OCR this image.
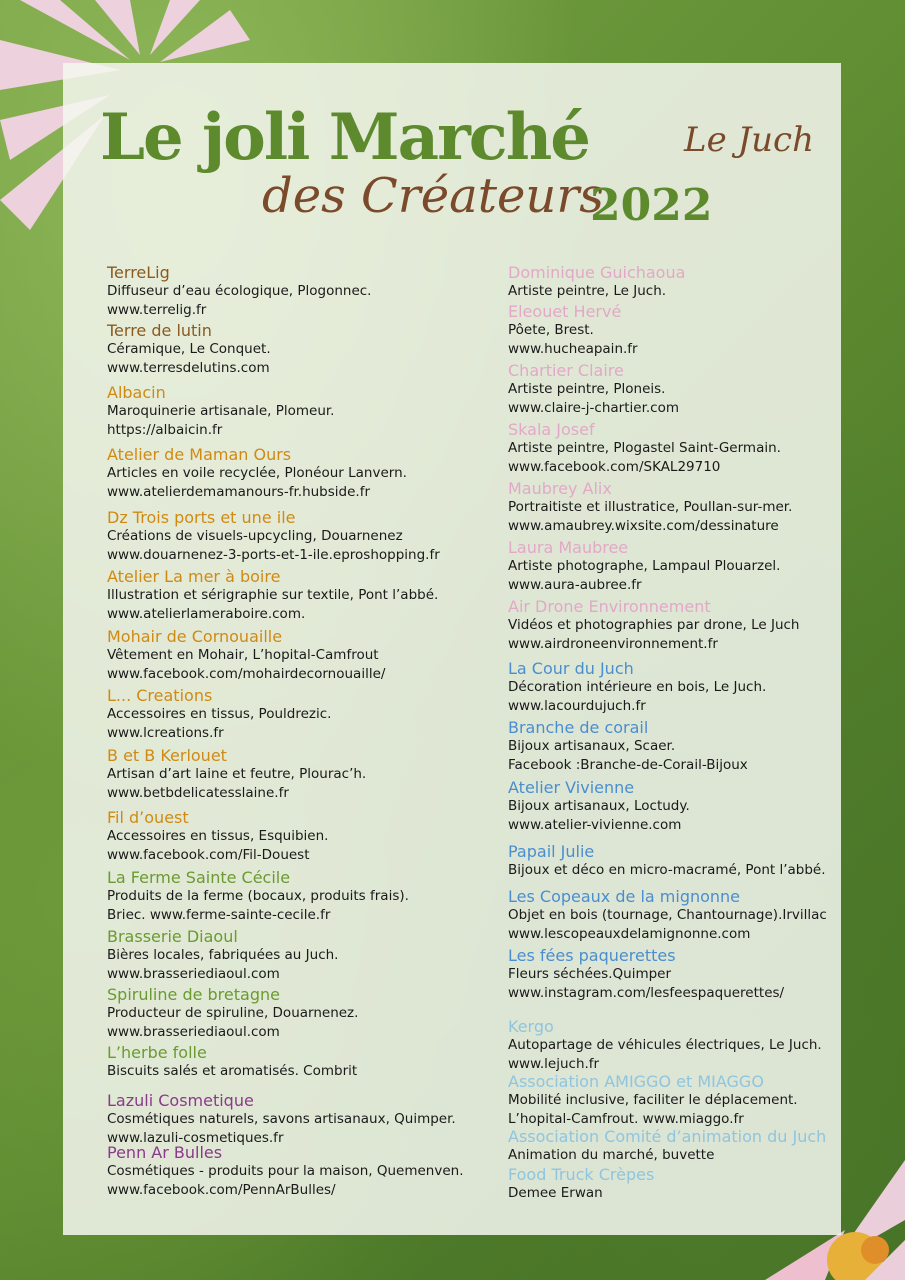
Le joli Marché	Le Juch
des Créateurs
2022
TerreLig
Diffuseur d’eau écologique, Plogonnec.
www.terrelig.fr
Terre de lutin
Céramique, Le Conquet.
www.terresdelutins.com
Albacin
Maroquinerie artisanale, Plomeur.
https://albaicin.fr
Atelier de Maman Ours
Articles en voile recyclée, Plonéour Lanvern.
www.atelierdemamanours-fr.hubside.fr
Dz Trois ports et une ile
Créations de visuels-upcycling, Douarnenez
www.douarnenez-3-ports-et-1-ile.eproshopping.fr
Atelier La mer à boire
Illustration et sérigraphie sur textile, Pont l’abbé.
www.atelierlameraboire.com.
Mohair de Cornouaille
Vêtement en Mohair, L’hopital-Camfrout
www.facebook.com/mohairdecornouaille/
L... Creations
Accessoires en tissus, Pouldrezic.
www.lcreations.fr
B et B Kerlouet
Artisan d’art laine et feutre, Plourac’h.
www.betbdelicatesslaine.fr
Fil d’ouest
Accessoires en tissus, Esquibien.
www.facebook.com/Fil-Douest
La Ferme Sainte Cécile
Produits de la ferme (bocaux, produits frais).
Briec. www.ferme-sainte-cecile.fr
Brasserie Diaoul
Bières locales, fabriquées au Juch.
www.brasseriediaoul.com
Spiruline de bretagne
Producteur de spiruline, Douarnenez.
www.brasseriediaoul.com
L’herbe folle
Biscuits salés et aromatisés. Combrit
Lazuli Cosmetique
Cosmétiques naturels, savons artisanaux, Quimper.
www.lazuli-cosmetiques.fr
Penn Ar Bulles
Cosmétiques - produits pour la maison, Quemenven.
www.facebook.com/PennArBulles/
Dominique Guichaoua
Artiste peintre, Le Juch.
Eleouet Hervé
Pôete, Brest.
www.hucheapain.fr
Chartier Claire
Artiste peintre, Ploneis.
www.claire-j-chartier.com
Skala Josef
Artiste peintre, Plogastel Saint-Germain.
www.facebook.com/SKAL29710
Maubrey Alix
Portraitiste et illustratice, Poullan-sur-mer.
www.amaubrey.wixsite.com/dessinature
Laura Maubree
Artiste photographe, Lampaul Plouarzel.
www.aura-aubree.fr
Air Drone Environnement
Vidéos et photographies par drone, Le Juch
www.airdroneenvironnement.fr
La Cour du Juch
Décoration intérieure en bois, Le Juch.
www.lacourdujuch.fr
Branche de corail
Bijoux artisanaux, Scaer.
Facebook :Branche-de-Corail-Bijoux
Atelier Vivienne
Bijoux artisanaux, Loctudy.
www.atelier-vivienne.com
Papail Julie
Bijoux et déco en micro-macramé, Pont l’abbé.
Les Copeaux de la mignonne
Objet en bois (tournage, Chantournage).Irvillac
www.lescopeauxdelamignonne.com
Les fées paquerettes
Fleurs séchées.Quimper
www.instagram.com/lesfeespaquerettes/
Kergo
Autopartage de véhicules électriques, Le Juch.
www.lejuch.fr
Association AMIGGO et MIAGGO
Mobilité inclusive, faciliter le déplacement.
L’hopital-Camfrout. www.miaggo.fr
Association Comité d’animation du Juch
Animation du marché, buvette
Food Truck Crèpes
Demee Erwan
